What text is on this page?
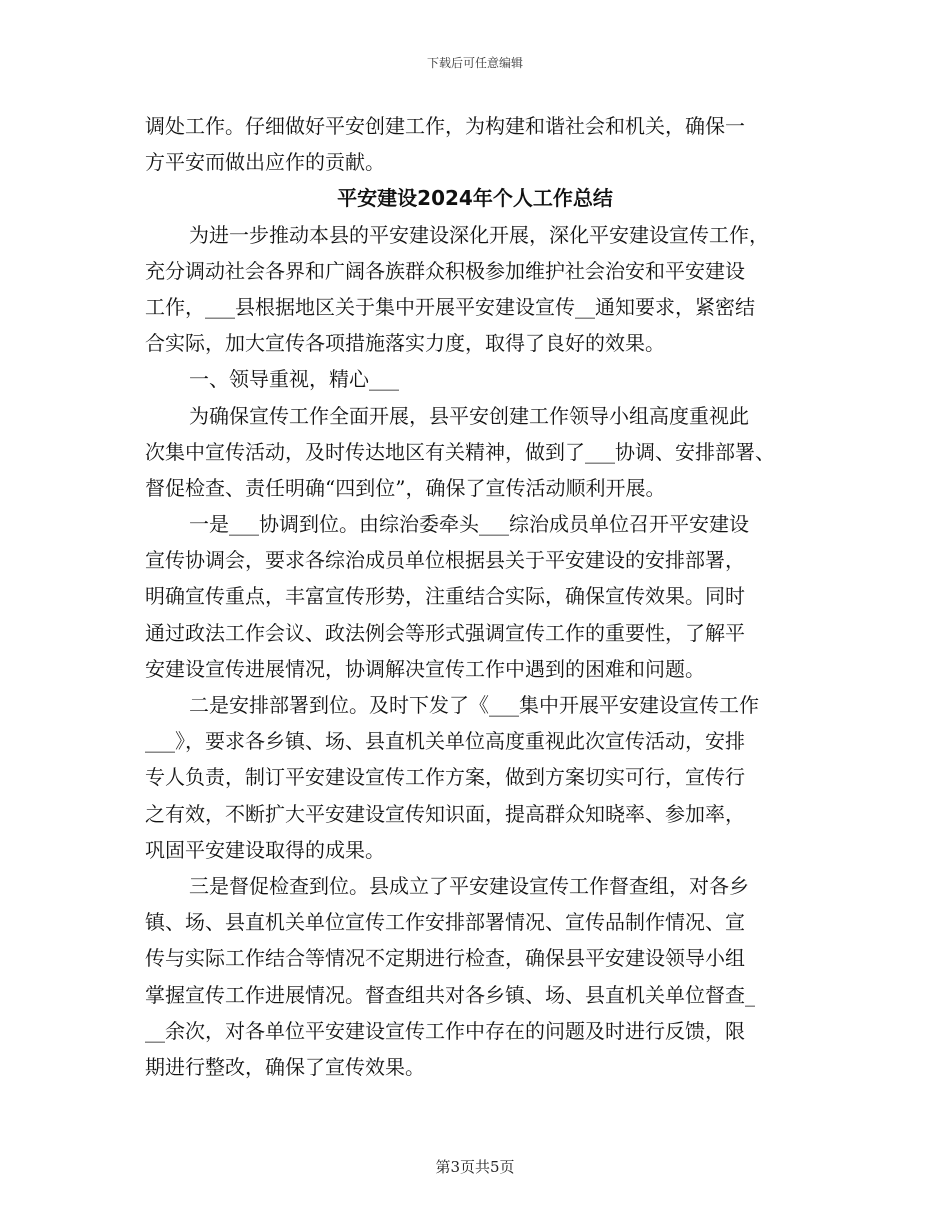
下载后可任意编辑
调处工作。仔细做好平安创建工作，为构建和谐社会和机关，确保一
方平安而做出应作的贡献。
平安建设2024年个人工作总结
为进一步推动本县的平安建设深化开展，深化平安建设宣传工作，
充分调动社会各界和广阔各族群众积极参加维护社会治安和平安建设
工作，___县根据地区关于集中开展平安建设宣传__通知要求，紧密结
合实际，加大宣传各项措施落实力度，取得了良好的效果。
一、领导重视，精心___
为确保宣传工作全面开展，县平安创建工作领导小组高度重视此
次集中宣传活动，及时传达地区有关精神，做到了___协调、安排部署、
督促检查、责任明确“四到位”，确保了宣传活动顺利开展。
一是___协调到位。由综治委牵头___综治成员单位召开平安建设
宣传协调会，要求各综治成员单位根据县关于平安建设的安排部署，
明确宣传重点，丰富宣传形势，注重结合实际，确保宣传效果。同时
通过政法工作会议、政法例会等形式强调宣传工作的重要性，了解平
安建设宣传进展情况，协调解决宣传工作中遇到的困难和问题。
二是安排部署到位。及时下发了《___集中开展平安建设宣传工作
___》，要求各乡镇、场、县直机关单位高度重视此次宣传活动，安排
专人负责，制订平安建设宣传工作方案，做到方案切实可行，宣传行
之有效，不断扩大平安建设宣传知识面，提高群众知晓率、参加率，
巩固平安建设取得的成果。
三是督促检查到位。县成立了平安建设宣传工作督查组，对各乡
镇、场、县直机关单位宣传工作安排部署情况、宣传品制作情况、宣
传与实际工作结合等情况不定期进行检查，确保县平安建设领导小组
掌握宣传工作进展情况。督查组共对各乡镇、场、县直机关单位督查_
__余次，对各单位平安建设宣传工作中存在的问题及时进行反馈，限
期进行整改，确保了宣传效果。
第3页共5页
